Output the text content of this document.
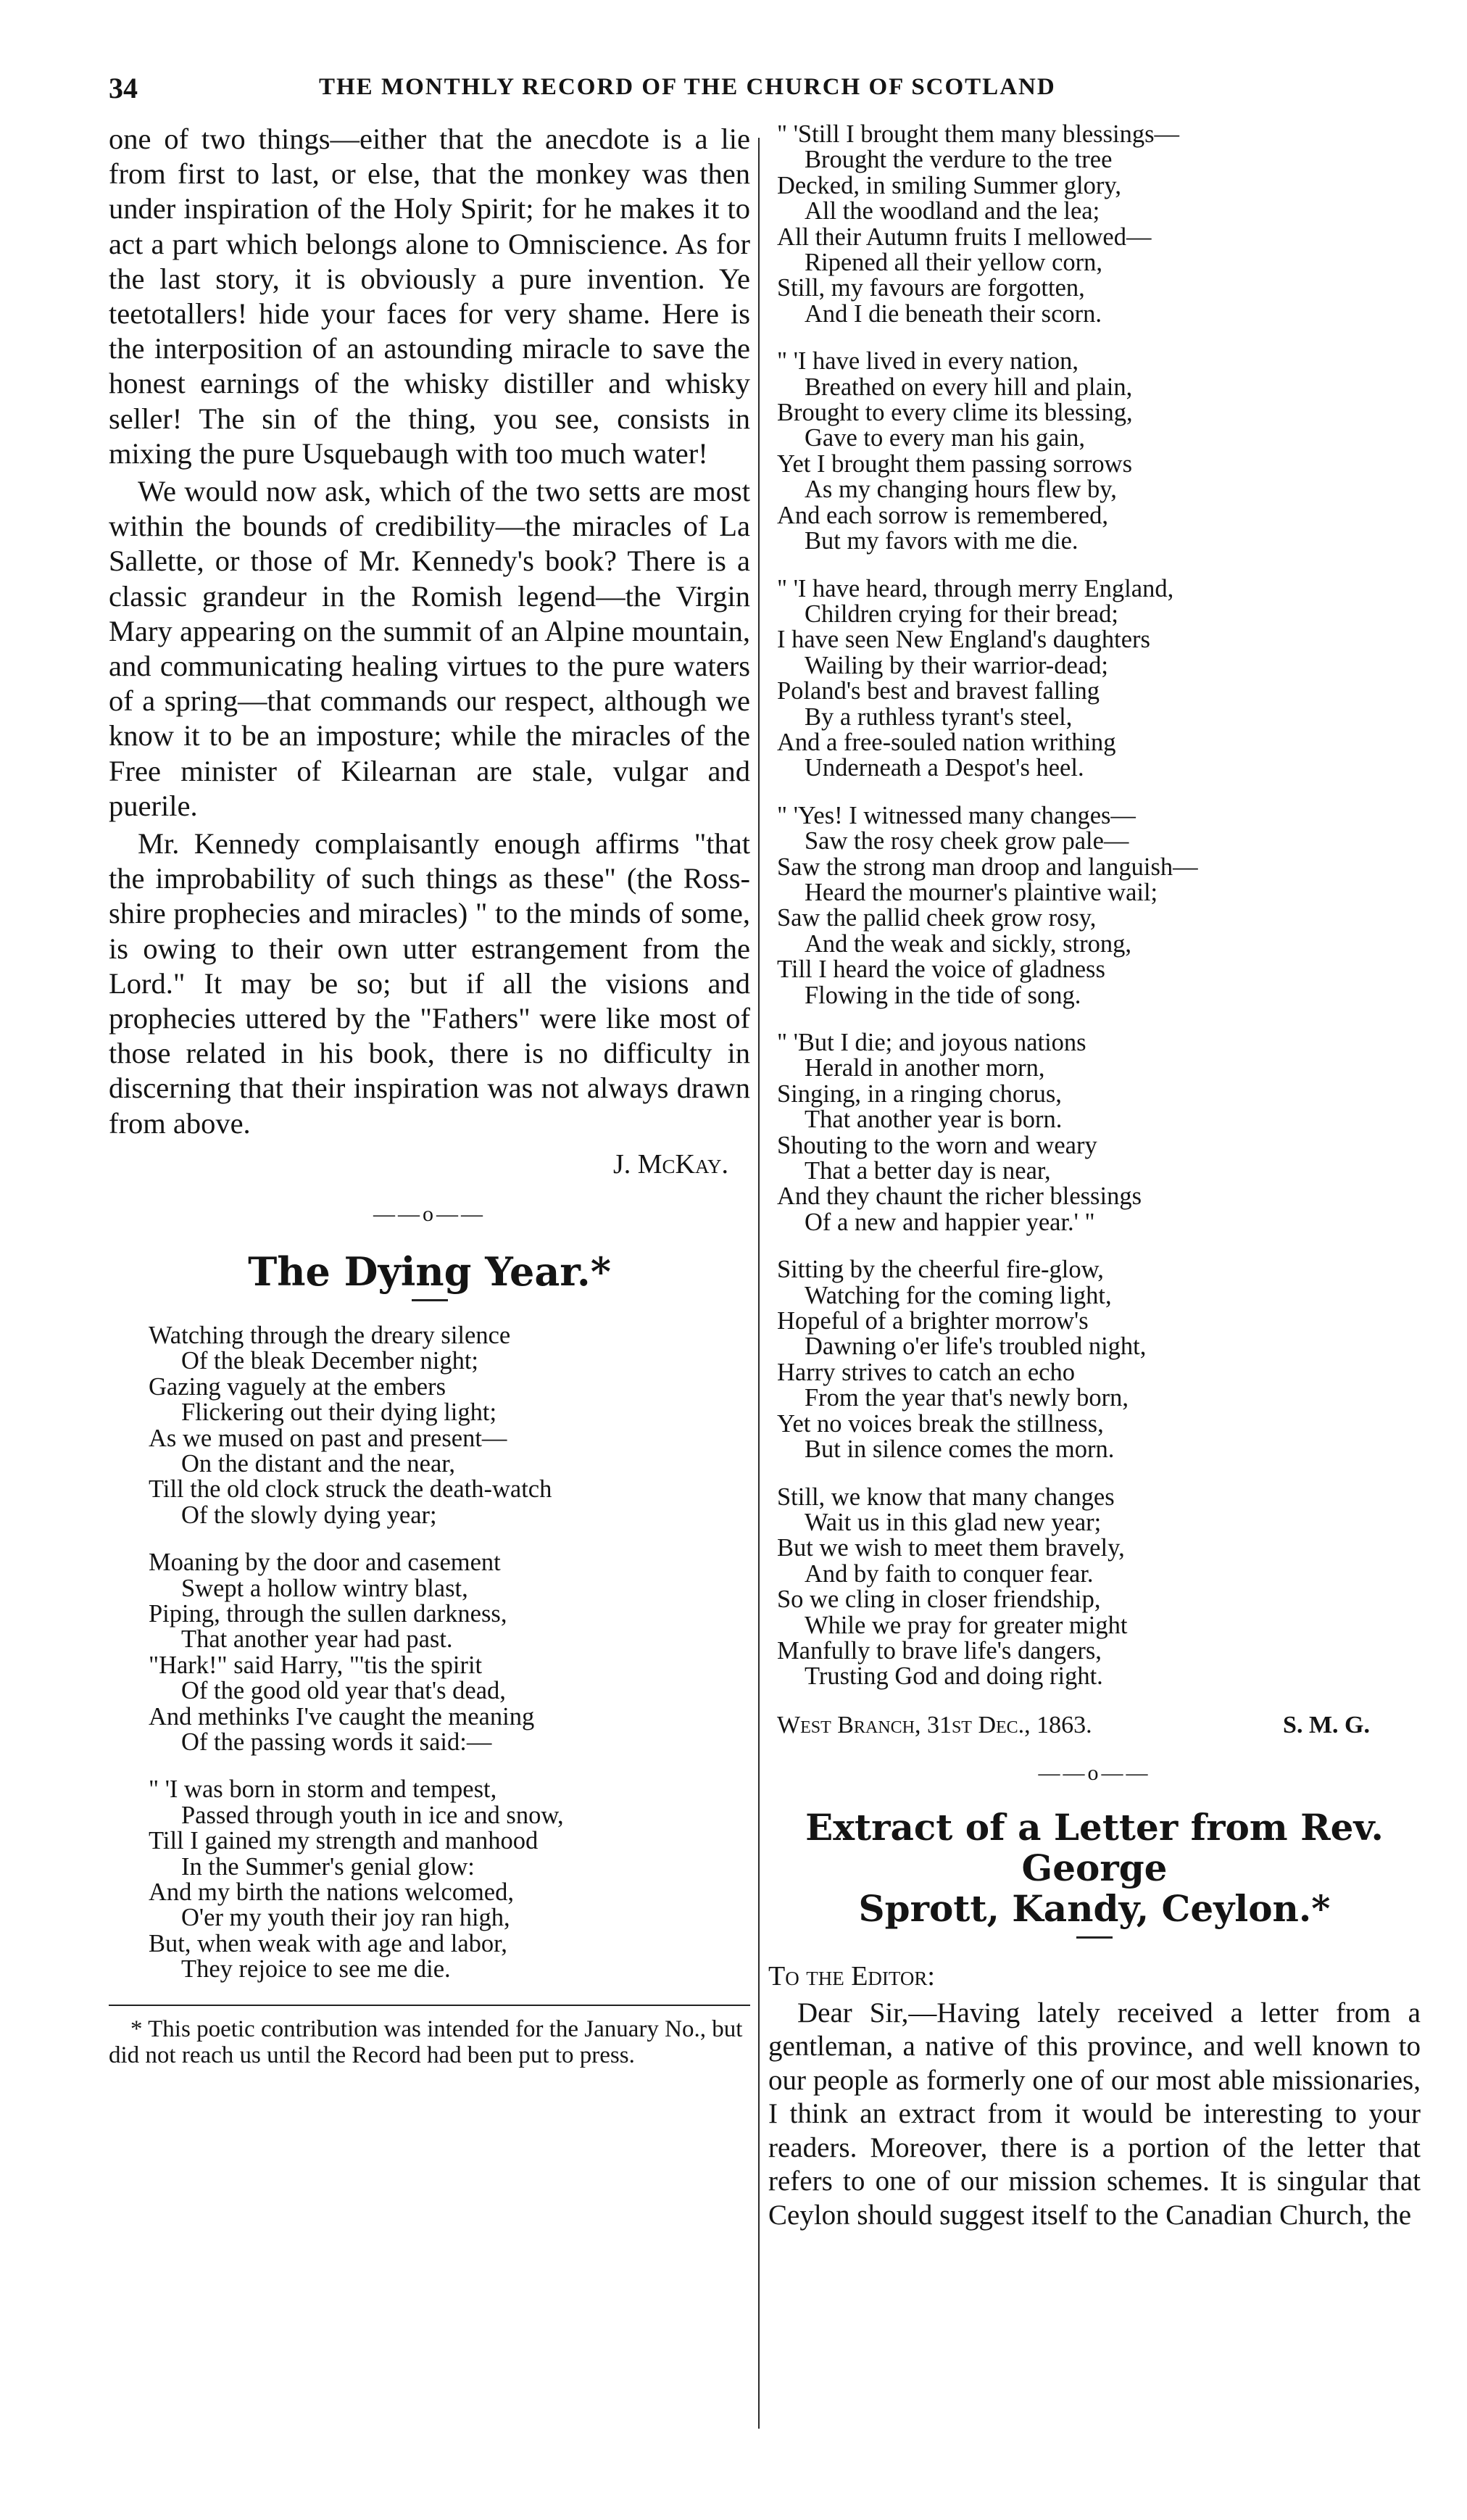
34	THE MONTHLY RECORD OF THE CHURCH OF SCOTLAND

one of two things—either that the anecdote is a lie from first to last, or else, that the monkey was then under inspiration of the Holy Spirit; for he makes it to act a part which belongs alone to Omniscience. As for the last story, it is obviously a pure invention. Ye teetotallers! hide your faces for very shame. Here is the interposition of an astounding miracle to save the honest earnings of the whisky distiller and whisky seller! The sin of the thing, you see, consists in mixing the pure Usquebaugh with too much water!

We would now ask, which of the two setts are most within the bounds of credibility—the miracles of La Sallette, or those of Mr. Kennedy's book? There is a classic grandeur in the Romish legend—the Virgin Mary appearing on the summit of an Alpine mountain, and communicating healing virtues to the pure waters of a spring—that commands our respect, although we know it to be an imposture; while the miracles of the Free minister of Kilearnan are stale, vulgar and puerile.

Mr. Kennedy complaisantly enough affirms "that the improbability of such things as these" (the Ross-shire prophecies and miracles) " to the minds of some, is owing to their own utter estrangement from the Lord." It may be so; but if all the visions and prophecies uttered by the "Fathers" were like most of those related in his book, there is no difficulty in discerning that their inspiration was not always drawn from above.

J. McKay.
——o——
The Dying Year.*
Watching through the dreary silence
Of the bleak December night;
Gazing vaguely at the embers
Flickering out their dying light;
As we mused on past and present—
On the distant and the near,
Till the old clock struck the death-watch
Of the slowly dying year;
Moaning by the door and casement
Swept a hollow wintry blast,
Piping, through the sullen darkness,
That another year had past.
"Hark!" said Harry, "'tis the spirit
Of the good old year that's dead,
And methinks I've caught the meaning
Of the passing words it said:—
" 'I was born in storm and tempest,
Passed through youth in ice and snow,
Till I gained my strength and manhood
In the Summer's genial glow:
And my birth the nations welcomed,
O'er my youth their joy ran high,
But, when weak with age and labor,
They rejoice to see me die.

* This poetic contribution was intended for the January No., but did not reach us until the Record had been put to press.

" 'Still I brought them many blessings—
Brought the verdure to the tree
Decked, in smiling Summer glory,
All the woodland and the lea;
All their Autumn fruits I mellowed—
Ripened all their yellow corn,
Still, my favours are forgotten,
And I die beneath their scorn.
" 'I have lived in every nation,
Breathed on every hill and plain,
Brought to every clime its blessing,
Gave to every man his gain,
Yet I brought them passing sorrows
As my changing hours flew by,
And each sorrow is remembered,
But my favors with me die.
" 'I have heard, through merry England,
Children crying for their bread;
I have seen New England's daughters
Wailing by their warrior-dead;
Poland's best and bravest falling
By a ruthless tyrant's steel,
And a free-souled nation writhing
Underneath a Despot's heel.
" 'Yes! I witnessed many changes—
Saw the rosy cheek grow pale—
Saw the strong man droop and languish—
Heard the mourner's plaintive wail;
Saw the pallid cheek grow rosy,
And the weak and sickly, strong,
Till I heard the voice of gladness
Flowing in the tide of song.
" 'But I die; and joyous nations
Herald in another morn,
Singing, in a ringing chorus,
That another year is born.
Shouting to the worn and weary
That a better day is near,
And they chaunt the richer blessings
Of a new and happier year.' "
Sitting by the cheerful fire-glow,
Watching for the coming light,
Hopeful of a brighter morrow's
Dawning o'er life's troubled night,
Harry strives to catch an echo
From the year that's newly born,
Yet no voices break the stillness,
But in silence comes the morn.
Still, we know that many changes
Wait us in this glad new year;
But we wish to meet them bravely,
And by faith to conquer fear.
So we cling in closer friendship,
While we pray for greater might
Manfully to brave life's dangers,
Trusting God and doing right.
West Branch, 31st Dec., 1863.	S. M. G.
——o——
Extract of a Letter from Rev. George
Sprott, Kandy, Ceylon.*
To the Editor:

Dear Sir,—Having lately received a letter from a gentleman, a native of this province, and well known to our people as formerly one of our most able missionaries, I think an extract from it would be interesting to your readers. Moreover, there is a portion of the letter that refers to one of our mission schemes. It is singular that Ceylon should suggest itself to the Canadian Church, the
